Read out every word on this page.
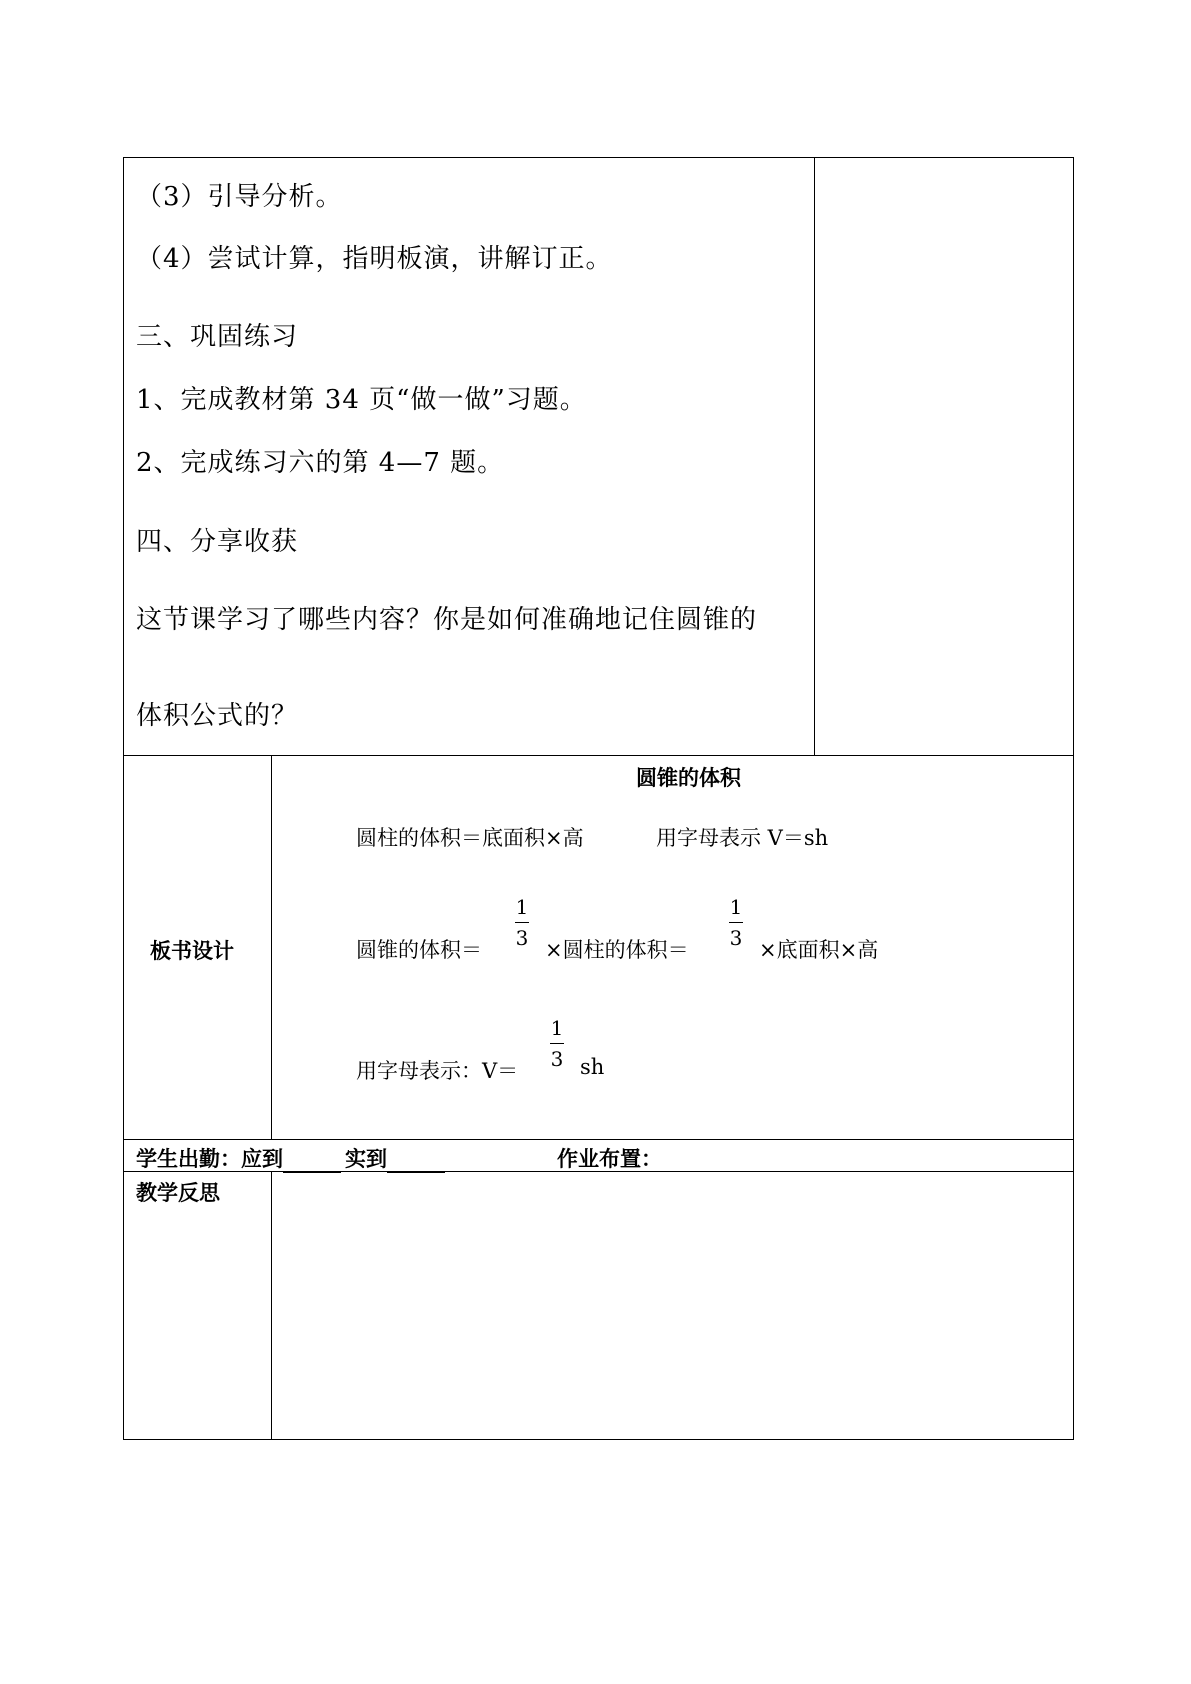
（3）引导分析。
（4）尝试计算，指明板演，讲解订正。
三、巩固练习
1、完成教材第 34 页“做一做”习题。
2、完成练习六的第 4—7 题。
四、分享收获
这节课学习了哪些内容？你是如何准确地记住圆锥的
体积公式的？
板书设计
圆锥的体积
圆柱的体积＝底面积×高	用字母表示 V＝sh
圆锥的体积＝
1
3 ×圆柱的体积＝
1
3 ×底面积×高
用字母表示：V＝
1
3 sh
学生出勤：应到	实到	作业布置：
教学反思
